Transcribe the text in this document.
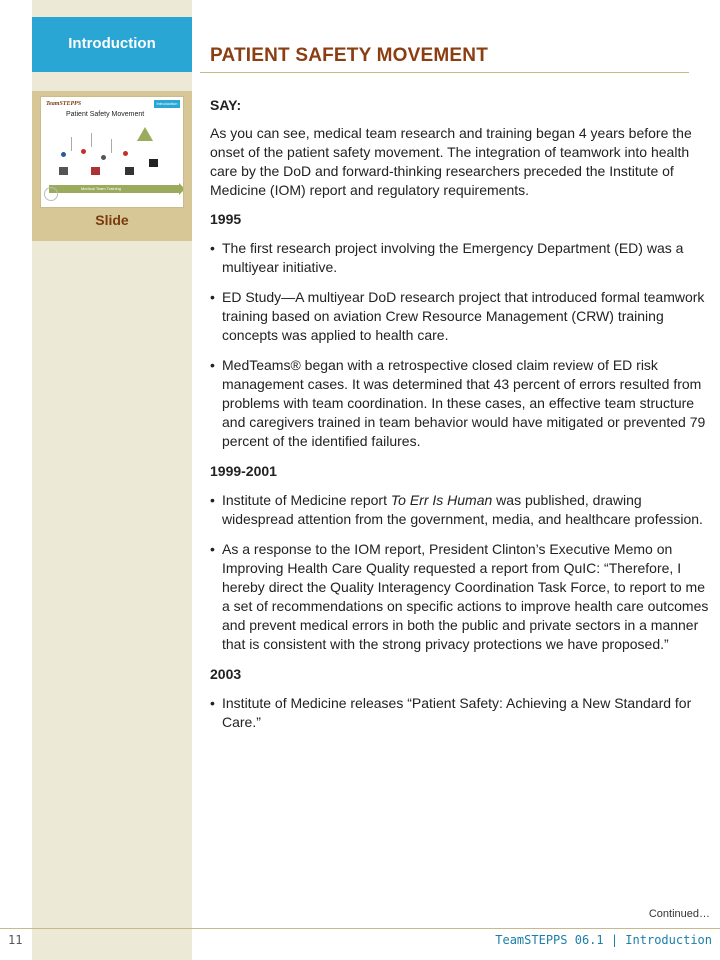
Introduction
TeamSTEPPS	Introduction
Patient Safety Movement
Medical Team Training
Slide
PATIENT SAFETY MOVEMENT
SAY:
As you can see, medical team research and training began 4 years before the onset of the patient safety movement. The integration of teamwork into health care by the DoD and forward-thinking researchers preceded the Institute of Medicine (IOM) report and regulatory requirements.
1995
• The first research project involving the Emergency Department (ED) was a multiyear initiative.
• ED Study—A multiyear DoD research project that introduced formal teamwork training based on aviation Crew Resource Management (CRW) training concepts was applied to health care.
• MedTeams® began with a retrospective closed claim review of ED risk management cases. It was determined that 43 percent of errors resulted from problems with team coordination. In these cases, an effective team structure and caregivers trained in team behavior would have mitigated or prevented 79 percent of the identified failures.
1999-2001
• Institute of Medicine report To Err Is Human was published, drawing widespread attention from the government, media, and healthcare profession.
• As a response to the IOM report, President Clinton’s Executive Memo on Improving Health Care Quality requested a report from QuIC: “Therefore, I hereby direct the Quality Interagency Coordination Task Force, to report to me a set of recommendations on specific actions to improve health care outcomes and prevent medical errors in both the public and private sectors in a manner that is consistent with the strong privacy protections we have proposed.”
2003
• Institute of Medicine releases “Patient Safety: Achieving a New Standard for Care.”
Continued…
11	TeamSTEPPS 06.1 | Introduction
